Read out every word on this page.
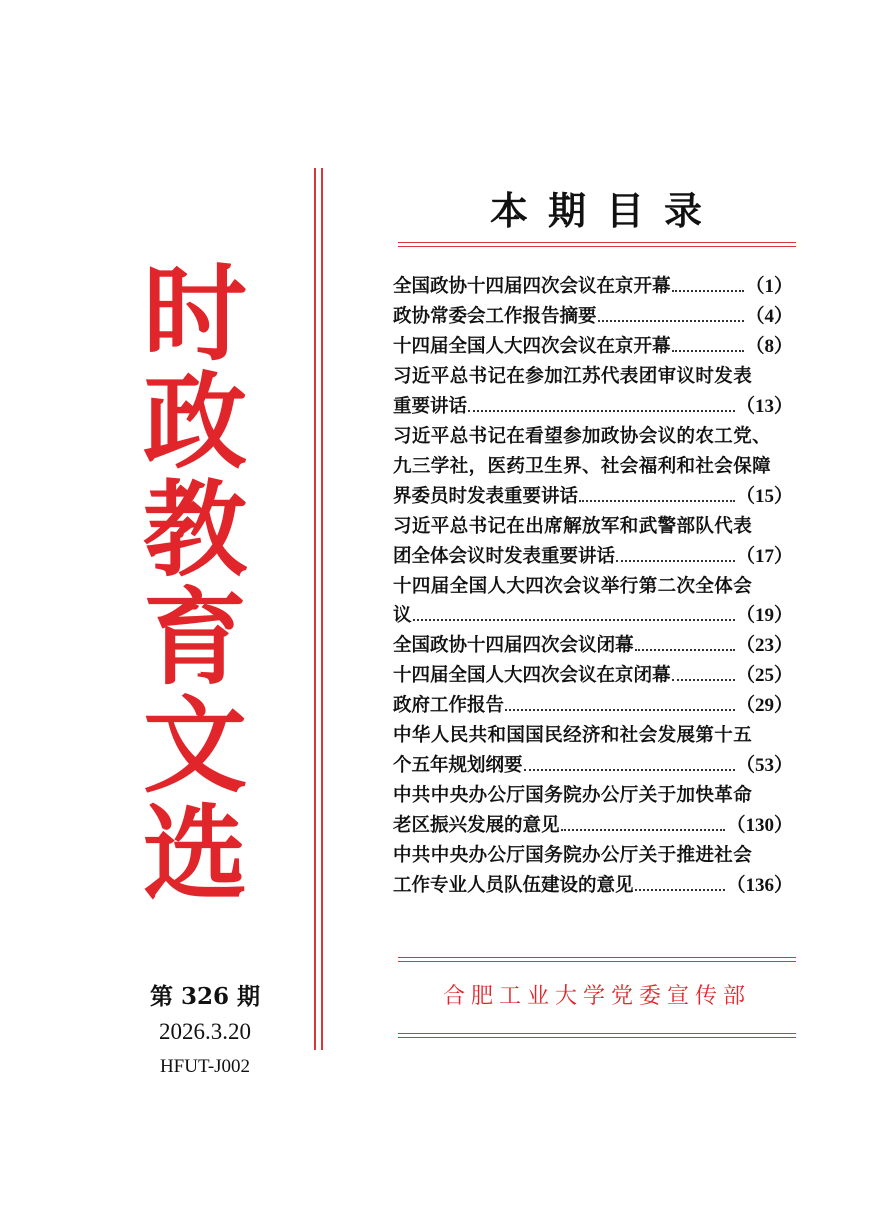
时
政
教
育
文
选
第 326 期
2026.3.20
HFUT-J002
本期目录
全国政协十四届四次会议在京开幕	（1）
政协常委会工作报告摘要	（4）
十四届全国人大四次会议在京开幕	（8）
习近平总书记在参加江苏代表团审议时发表
重要讲话	（13）
习近平总书记在看望参加政协会议的农工党、
九三学社，医药卫生界、社会福利和社会保障
界委员时发表重要讲话	（15）
习近平总书记在出席解放军和武警部队代表
团全体会议时发表重要讲话	（17）
十四届全国人大四次会议举行第二次全体会
议	（19）
全国政协十四届四次会议闭幕	（23）
十四届全国人大四次会议在京闭幕	（25）
政府工作报告	（29）
中华人民共和国国民经济和社会发展第十五
个五年规划纲要	（53）
中共中央办公厅国务院办公厅关于加快革命
老区振兴发展的意见	（130）
中共中央办公厅国务院办公厅关于推进社会
工作专业人员队伍建设的意见	（136）
合肥工业大学党委宣传部
